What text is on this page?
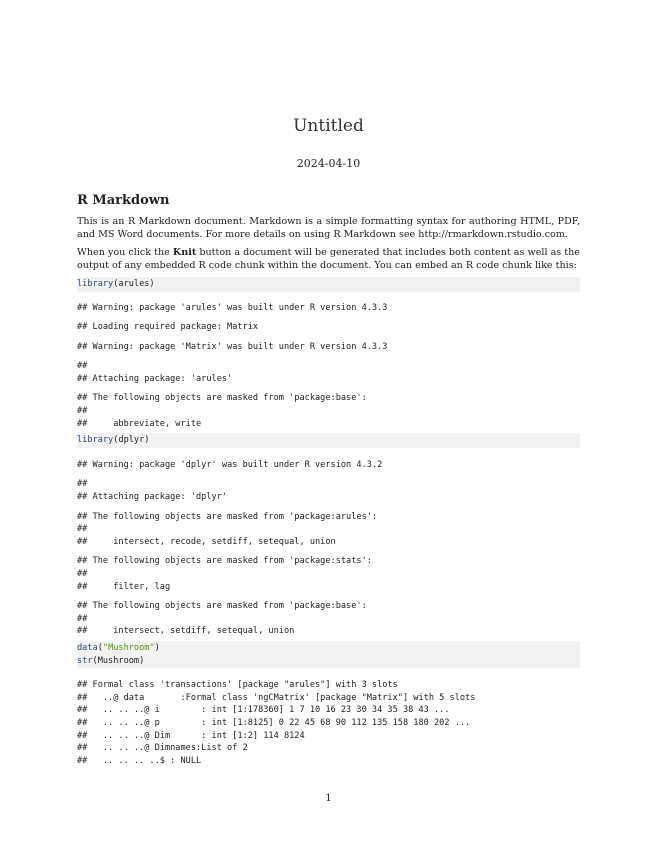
Untitled
2024-04-10
R Markdown
This is an R Markdown document. Markdown is a simple formatting syntax for authoring HTML, PDF, and MS Word documents. For more details on using R Markdown see http://rmarkdown.rstudio.com.
When you click the Knit button a document will be generated that includes both content as well as the output of any embedded R code chunk within the document. You can embed an R code chunk like this:
library(arules)
## Warning: package 'arules' was built under R version 4.3.3
## Loading required package: Matrix
## Warning: package 'Matrix' was built under R version 4.3.3
##
## Attaching package: 'arules'
## The following objects are masked from 'package:base':
##
##     abbreviate, write
library(dplyr)
## Warning: package 'dplyr' was built under R version 4.3.2
##
## Attaching package: 'dplyr'
## The following objects are masked from 'package:arules':
##
##     intersect, recode, setdiff, setequal, union
## The following objects are masked from 'package:stats':
##
##     filter, lag
## The following objects are masked from 'package:base':
##
##     intersect, setdiff, setequal, union
data("Mushroom")
str(Mushroom)
## Formal class 'transactions' [package "arules"] with 3 slots
##   ..@ data       :Formal class 'ngCMatrix' [package "Matrix"] with 5 slots
##   .. .. ..@ i        : int [1:178360] 1 7 10 16 23 30 34 35 38 43 ...
##   .. .. ..@ p        : int [1:8125] 0 22 45 68 90 112 135 158 180 202 ...
##   .. .. ..@ Dim      : int [1:2] 114 8124
##   .. .. ..@ Dimnames:List of 2
##   .. .. .. ..$ : NULL
1
